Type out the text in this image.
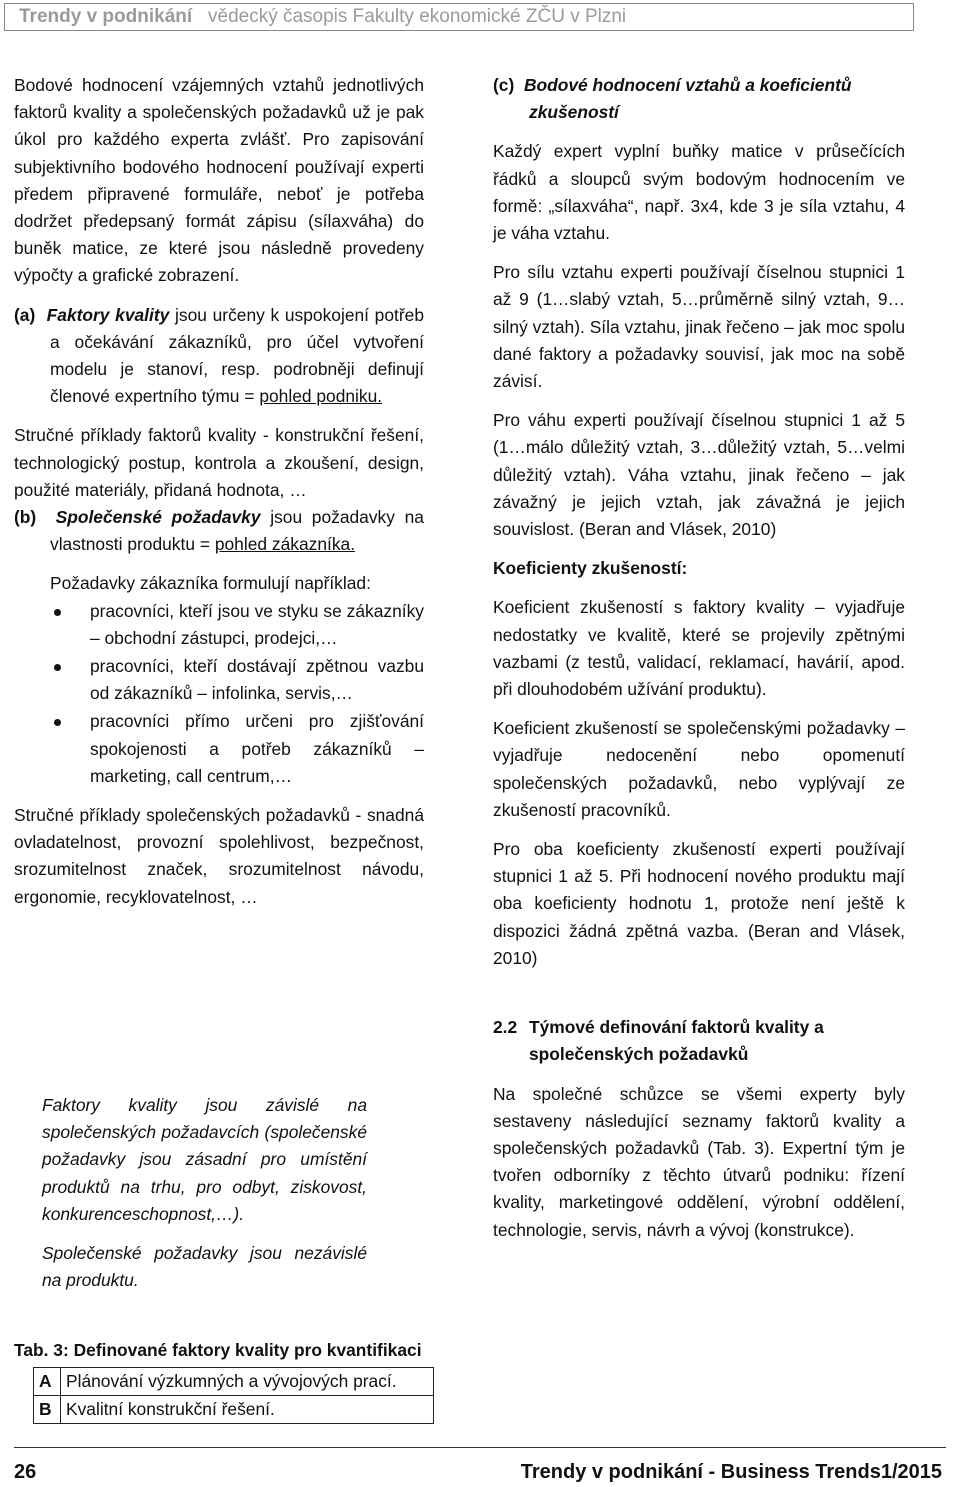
Trendy v podnikání vědecký časopis Fakulty ekonomické ZČU v Plzni

Bodové hodnocení vzájemných vztahů jednotlivých faktorů kvality a společenských požadavků už je pak úkol pro každého experta zvlášť. Pro zapisování subjektivního bodového hodnocení používají experti předem připravené formuláře, neboť je potřeba dodržet předepsaný formát zápisu (sílaxváha) do buněk matice, ze které jsou následně provedeny výpočty a grafické zobrazení.

(a) Faktory kvality jsou určeny k uspokojení potřeb a očekávání zákazníků, pro účel vytvoření modelu je stanoví, resp. podrobněji definují členové expertního týmu = pohled podniku.

Stručné příklady faktorů kvality - konstrukční řešení, technologický postup, kontrola a zkoušení, design, použité materiály, přidaná hodnota, …

(b) Společenské požadavky jsou požadavky na vlastnosti produktu = pohled zákazníka.

Požadavky zákazníka formulují například:

pracovníci, kteří jsou ve styku se zákazníky – obchodní zástupci, prodejci,…
pracovníci, kteří dostávají zpětnou vazbu od zákazníků – infolinka, servis,…
pracovníci přímo určeni pro zjišťování spokojenosti a potřeb zákazníků – marketing, call centrum,…

Stručné příklady společenských požadavků - snadná ovladatelnost, provozní spolehlivost, bezpečnost, srozumitelnost značek, srozumitelnost návodu, ergonomie, recyklovatelnost, …

Faktory kvality jsou závislé na společenských požadavcích (společenské požadavky jsou zásadní pro umístění produktů na trhu, pro odbyt, ziskovost, konkurenceschopnost,…).

Společenské požadavky jsou nezávislé na produktu.

Tab. 3: Definované faktory kvality pro kvantifikaci
A	Plánování výzkumných a vývojových prací.
B	Kvalitní konstrukční řešení.

(c) Bodové hodnocení vztahů a koeficientů zkušeností

Každý expert vyplní buňky matice v průsečících řádků a sloupců svým bodovým hodnocením ve formě: „sílaxváha“, např. 3x4, kde 3 je síla vztahu, 4 je váha vztahu.

Pro sílu vztahu experti používají číselnou stupnici 1 až 9 (1…slabý vztah, 5…průměrně silný vztah, 9…silný vztah). Síla vztahu, jinak řečeno – jak moc spolu dané faktory a požadavky souvisí, jak moc na sobě závisí.

Pro váhu experti používají číselnou stupnici 1 až 5 (1…málo důležitý vztah, 3…důležitý vztah, 5…velmi důležitý vztah). Váha vztahu, jinak řečeno – jak závažný je jejich vztah, jak závažná je jejich souvislost. (Beran and Vlásek, 2010)

Koeficienty zkušeností:

Koeficient zkušeností s faktory kvality – vyjadřuje nedostatky ve kvalitě, které se projevily zpětnými vazbami (z testů, validací, reklamací, havárií, apod. při dlouhodobém užívání produktu).

Koeficient zkušeností se společenskými požadavky – vyjadřuje nedocenění nebo opomenutí společenských požadavků, nebo vyplývají ze zkušeností pracovníků.

Pro oba koeficienty zkušeností experti používají stupnici 1 až 5. Při hodnocení nového produktu mají oba koeficienty hodnotu 1, protože není ještě k dispozici žádná zpětná vazba. (Beran and Vlásek, 2010)

2.2 Týmové definování faktorů kvality a společenských požadavků

Na společné schůzce se všemi experty byly sestaveny následující seznamy faktorů kvality a společenských požadavků (Tab. 3). Expertní tým je tvořen odborníky z těchto útvarů podniku: řízení kvality, marketingové oddělení, výrobní oddělení, technologie, servis, návrh a vývoj (konstrukce).

26	Trendy v podnikání - Business Trends1/2015
